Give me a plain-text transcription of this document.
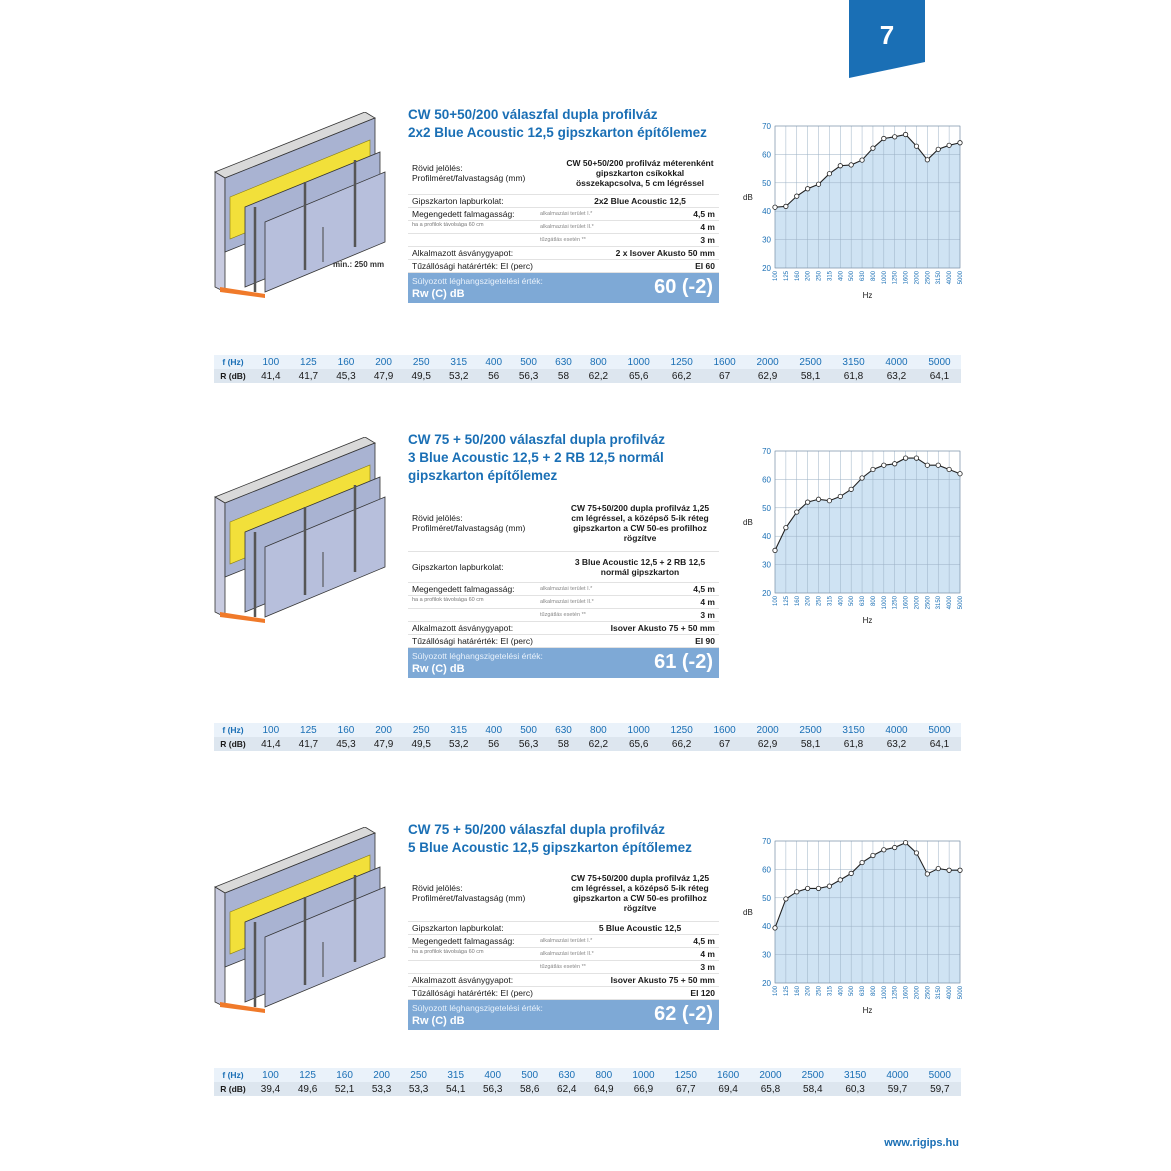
7
min.: 250 mm
CW 50+50/200 válaszfal dupla profilváz
2x2 Blue Acoustic 12,5 gipszkarton építőlemez
Rövid jelölés:
Profilméret/falvastagság (mm)
CW 50+50/200 profilváz méterenként gipszkarton csíkokkal összekapcsolva, 5 cm légréssel
Gipszkarton lapburkolat:	2x2 Blue Acoustic 12,5
Megengedett falmagasság:	alkalmazási terület I.*	4,5 m
ha a profilok távolsága 60 cm	alkalmazási terület II.*	4 m
tűzgátlás esetén **	3 m
Alkalmazott ásványgyapot:	2 x Isover Akusto 50 mm
Tűzállósági határérték: EI (perc)	EI 60
Súlyozott léghangszigetelési érték:
Rw (C) dB	60 (-2)
20
30
40
50
60
70
100 125 160 200 250 315 400 500 630 800 1000 1250 1600 2000 2500 3150 4000 5000
dB
Hz
f (Hz)	100	125	160	200	250	315	400	500	630	800	1000	1250	1600	2000	2500	3150	4000	5000
R (dB)	41,4	41,7	45,3	47,9	49,5	53,2	56	56,3	58	62,2	65,6	66,2	67	62,9	58,1	61,8	63,2	64,1
CW 75 + 50/200 válaszfal dupla profilváz
3 Blue Acoustic 12,5 + 2 RB 12,5 normál
gipszkarton építőlemez
Rövid jelölés:
Profilméret/falvastagság (mm)
CW 75+50/200 dupla profilváz 1,25 cm légréssel, a középső 5-ik réteg gipszkarton a CW 50-es profilhoz rögzítve
Gipszkarton lapburkolat:	3 Blue Acoustic 12,5 + 2 RB 12,5 normál gipszkarton
Megengedett falmagasság:	alkalmazási terület I.*	4,5 m
ha a profilok távolsága 60 cm	alkalmazási terület II.*	4 m
tűzgátlás esetén **	3 m
Alkalmazott ásványgyapot:	Isover Akusto 75 + 50 mm
Tűzállósági határérték: EI (perc)	EI 90
Súlyozott léghangszigetelési érték:
Rw (C) dB	61 (-2)
20
30
40
50
60
70
100 125 160 200 250 315 400 500 630 800 1000 1250 1600 2000 2500 3150 4000 5000
dB
Hz
f (Hz)	100	125	160	200	250	315	400	500	630	800	1000	1250	1600	2000	2500	3150	4000	5000
R (dB)	41,4	41,7	45,3	47,9	49,5	53,2	56	56,3	58	62,2	65,6	66,2	67	62,9	58,1	61,8	63,2	64,1
CW 75 + 50/200 válaszfal dupla profilváz
5 Blue Acoustic 12,5 gipszkarton építőlemez
Rövid jelölés:
Profilméret/falvastagság (mm)
CW 75+50/200 dupla profilváz 1,25 cm légréssel, a középső 5-ik réteg gipszkarton a CW 50-es profilhoz rögzítve
Gipszkarton lapburkolat:	5 Blue Acoustic 12,5
Megengedett falmagasság:	alkalmazási terület I.*	4,5 m
ha a profilok távolsága 60 cm	alkalmazási terület II.*	4 m
tűzgátlás esetén **	3 m
Alkalmazott ásványgyapot:	Isover Akusto 75 + 50 mm
Tűzállósági határérték: EI (perc)	EI 120
Súlyozott léghangszigetelési érték:
Rw (C) dB	62 (-2)
20
30
40
50
60
70
100 125 160 200 250 315 400 500 630 800 1000 1250 1600 2000 2500 3150 4000 5000
dB
Hz
f (Hz)	100	125	160	200	250	315	400	500	630	800	1000	1250	1600	2000	2500	3150	4000	5000
R (dB)	39,4	49,6	52,1	53,3	53,3	54,1	56,3	58,6	62,4	64,9	66,9	67,7	69,4	65,8	58,4	60,3	59,7	59,7
www.rigips.hu
